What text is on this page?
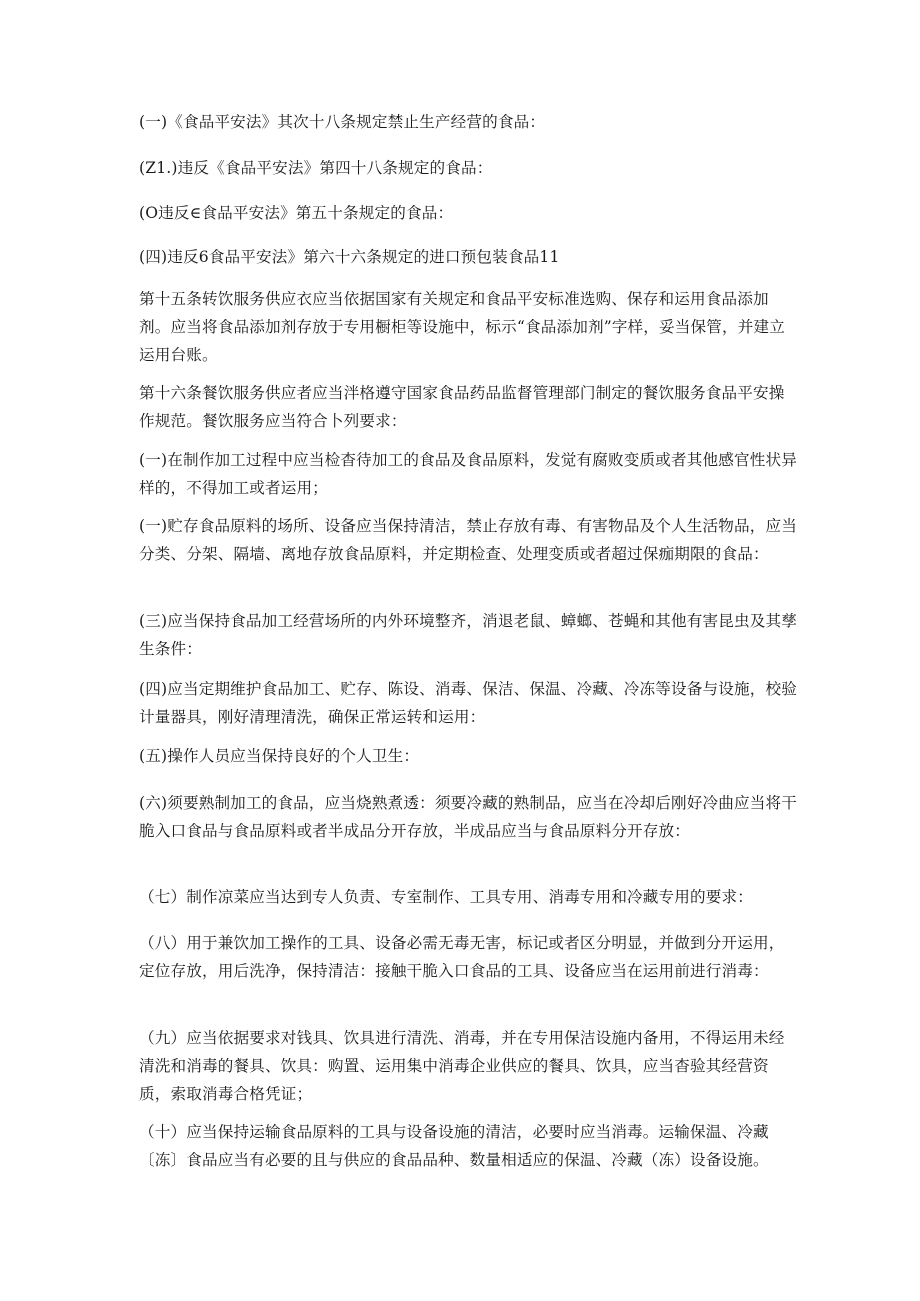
(一)《食品平安法》其次十八条规定禁止生产经营的食品：

(Z1.)违反《食品平安法》第四十八条规定的食品：

(O违反∈食品平安法》第五十条规定的食品：

(四)违反6食品平安法》第六十六条规定的进口预包装食品11

第十五条转饮服务供应衣应当依据国家有关规定和食品平安标准选购、保存和运用食品添加剂。应当将食品添加剂存放于专用橱柜等设施中，标示“食品添加剂”字样，妥当保管，并建立运用台账。

第十六条餐饮服务供应者应当泮格遵守国家食品药品监督管理部门制定的餐饮服务食品平安操作规范。餐饮服务应当符合卜列要求：

(一)在制作加工过程中应当检杳待加工的食品及食品原料，发觉有腐败变质或者其他感官性状异样的，不得加工或者运用；

(一)贮存食品原料的场所、设备应当保持清洁，禁止存放有毒、有害物品及个人生活物品，应当分类、分架、隔墙、离地存放食品原料，并定期检查、处理变质或者超过保痂期限的食品：

(三)应当保持食品加工经营场所的内外环境整齐，消退老鼠、蟑螂、苍蝇和其他有害昆虫及其孳生条件：

(四)应当定期维护食品加工、贮存、陈设、消毒、保洁、保温、冷藏、冷冻等设备与设施，校验计量器具，刚好清理清洗，确保正常运转和运用：

(五)操作人员应当保持良好的个人卫生：

(六)须要熟制加工的食品，应当烧熟煮透：须要冷藏的熟制品，应当在冷却后刚好冷曲应当将干脆入口食品与食品原料或者半成品分开存放，半成品应当与食品原料分开存放：

（七）制作凉菜应当达到专人负责、专室制作、工具专用、消毒专用和冷藏专用的要求：

（八）用于兼饮加工操作的工具、设备必需无毒无害，标记或者区分明显，并做到分开运用，定位存放，用后洗净，保持清洁：接触干脆入口食品的工具、设备应当在运用前进行消毒：

（九）应当依据要求对钱具、饮具进行清洗、消毒，并在专用保洁设施内备用，不得运用未经清洗和消毒的餐具、饮具：购置、运用集中消毒企业供应的餐具、饮具，应当杳验其经营资质，索取消毒合格凭证；

（十）应当保持运输食品原料的工具与设备设施的清洁，必要时应当消毒。运输保温、冷藏〔冻〕食品应当有必要的且与供应的食品品种、数量相适应的保温、冷藏（冻）设备设施。
